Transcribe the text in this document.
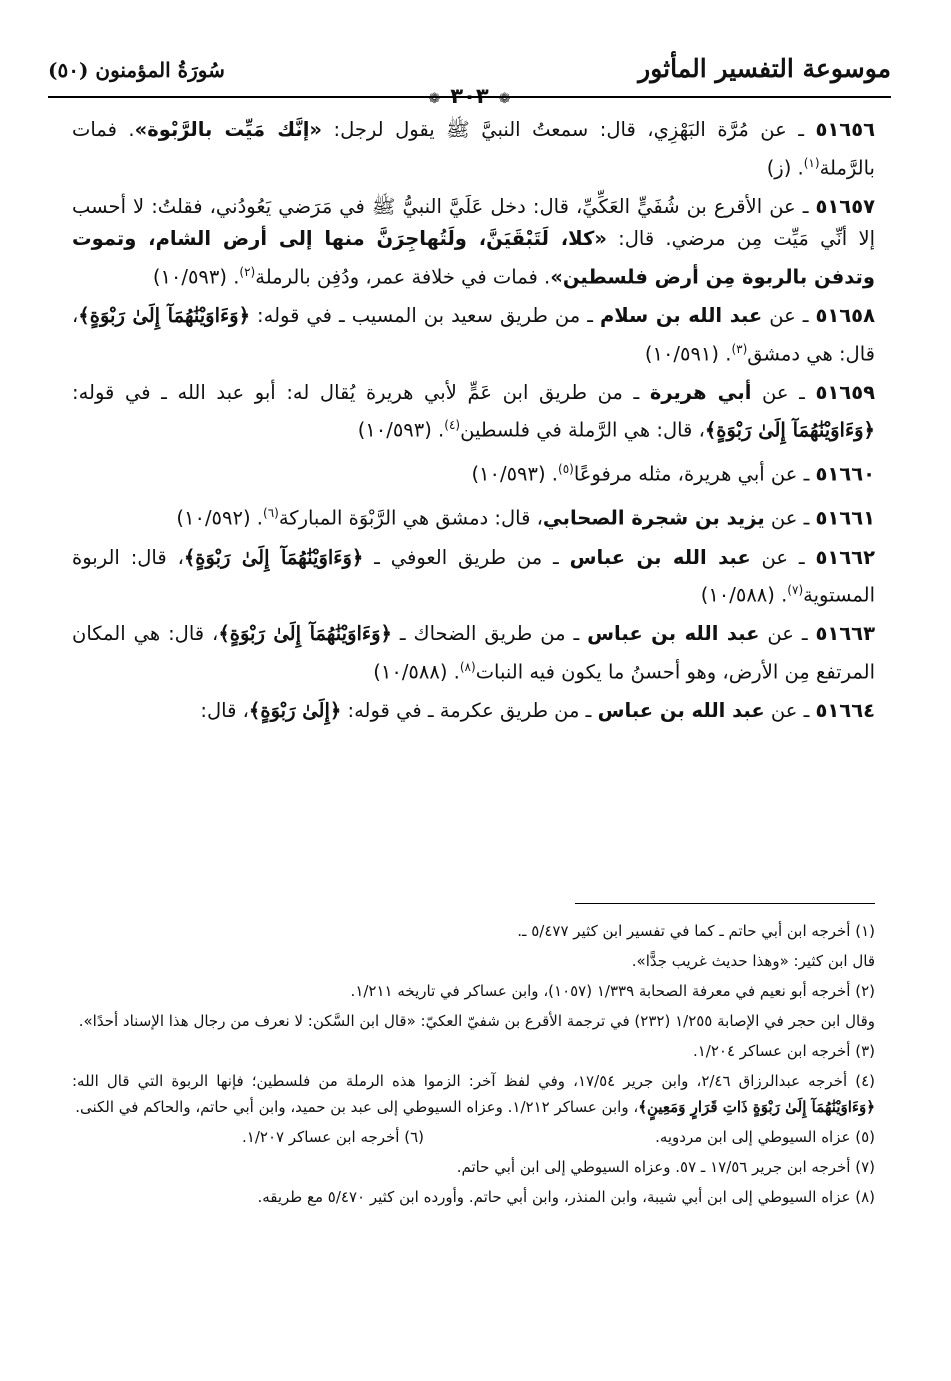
موسوعة التفسير المأثور
❁٣٠٣❁
سُورَةُ المؤمنون (٥٠)

٥١٦٥٦ ـ عن مُرَّة البَهْزِي، قال: سمعتُ النبيَّ ﷺ يقول لرجل: «إنَّك مَيِّت بالرَّبْوة». فمات بالرَّملة$^{(١)}$. (ز)

٥١٦٥٧ ـ عن الأقرع بن شُفَيٍّ العَكِّيِّ، قال: دخل عَلَيَّ النبيُّ ﷺ في مَرَضي يَعُودُني، فقلتُ: لا أحسب إلا أنِّي مَيِّت مِن مرضي. قال: «كلا، لَتَبْقَيَنَّ، ولَتُهاجِرَنَّ منها إلى أرض الشام، وتموت وتدفن بالربوة مِن أرض فلسطين». فمات في خلافة عمر، ودُفِن بالرملة$^{(٢)}$. (١٠/٥٩٣)

٥١٦٥٨ ـ عن عبد الله بن سلام ـ من طريق سعيد بن المسيب ـ في قوله: ﴿وَءَاوَيْنَٰهُمَآ إِلَىٰ رَبْوَةٍ﴾، قال: هي دمشق$^{(٣)}$. (١٠/٥٩١)

٥١٦٥٩ ـ عن أبي هريرة ـ من طريق ابن عَمٍّ لأبي هريرة يُقال له: أبو عبد الله ـ في قوله: ﴿وَءَاوَيْنَٰهُمَآ إِلَىٰ رَبْوَةٍ﴾، قال: هي الرَّملة في فلسطين$^{(٤)}$. (١٠/٥٩٣)

٥١٦٦٠ ـ عن أبي هريرة، مثله مرفوعًا$^{(٥)}$. (١٠/٥٩٣)

٥١٦٦١ ـ عن يزيد بن شجرة الصحابي، قال: دمشق هي الرَّبْوَة المباركة$^{(٦)}$. (١٠/٥٩٢)

٥١٦٦٢ ـ عن عبد الله بن عباس ـ من طريق العوفي ـ ﴿وَءَاوَيْنَٰهُمَآ إِلَىٰ رَبْوَةٍ﴾، قال: الربوة المستوية$^{(٧)}$. (١٠/٥٨٨)

٥١٦٦٣ ـ عن عبد الله بن عباس ـ من طريق الضحاك ـ ﴿وَءَاوَيْنَٰهُمَآ إِلَىٰ رَبْوَةٍ﴾، قال: هي المكان المرتفع مِن الأرض، وهو أحسنُ ما يكون فيه النبات$^{(٨)}$. (١٠/٥٨٨)

٥١٦٦٤ ـ عن عبد الله بن عباس ـ من طريق عكرمة ـ في قوله: ﴿إِلَىٰ رَبْوَةٍ﴾، قال:

(١) أخرجه ابن أبي حاتم ـ كما في تفسير ابن كثير ٥/٤٧٧ ـ.

قال ابن كثير: «وهذا حديث غريب جدًّا».

(٢) أخرجه أبو نعيم في معرفة الصحابة ١/٣٣٩ (١٠٥٧)، وابن عساكر في تاريخه ١/٢١١.

وقال ابن حجر في الإصابة ١/٢٥٥ (٢٣٢) في ترجمة الأقرع بن شفيّ العكيّ: «قال ابن السَّكن: لا نعرف من رجال هذا الإسناد أحدًا».

(٣) أخرجه ابن عساكر ١/٢٠٤.

(٤) أخرجه عبدالرزاق ٢/٤٦، وابن جرير ١٧/٥٤، وفي لفظ آخر: الزموا هذه الرملة من فلسطين؛ فإنها الربوة التي قال الله: ﴿وَءَاوَيْنَٰهُمَآ إِلَىٰ رَبْوَةٍ ذَاتِ قَرَارٍ وَمَعِينٍ﴾، وابن عساكر ١/٢١٢. وعزاه السيوطي إلى عبد بن حميد، وابن أبي حاتم، والحاكم في الكنى.

(٥) عزاه السيوطي إلى ابن مردويه.

(٦) أخرجه ابن عساكر ١/٢٠٧.

(٧) أخرجه ابن جرير ١٧/٥٦ ـ ٥٧. وعزاه السيوطي إلى ابن أبي حاتم.

(٨) عزاه السيوطي إلى ابن أبي شيبة، وابن المنذر، وابن أبي حاتم. وأورده ابن كثير ٥/٤٧٠ مع طريقه.
